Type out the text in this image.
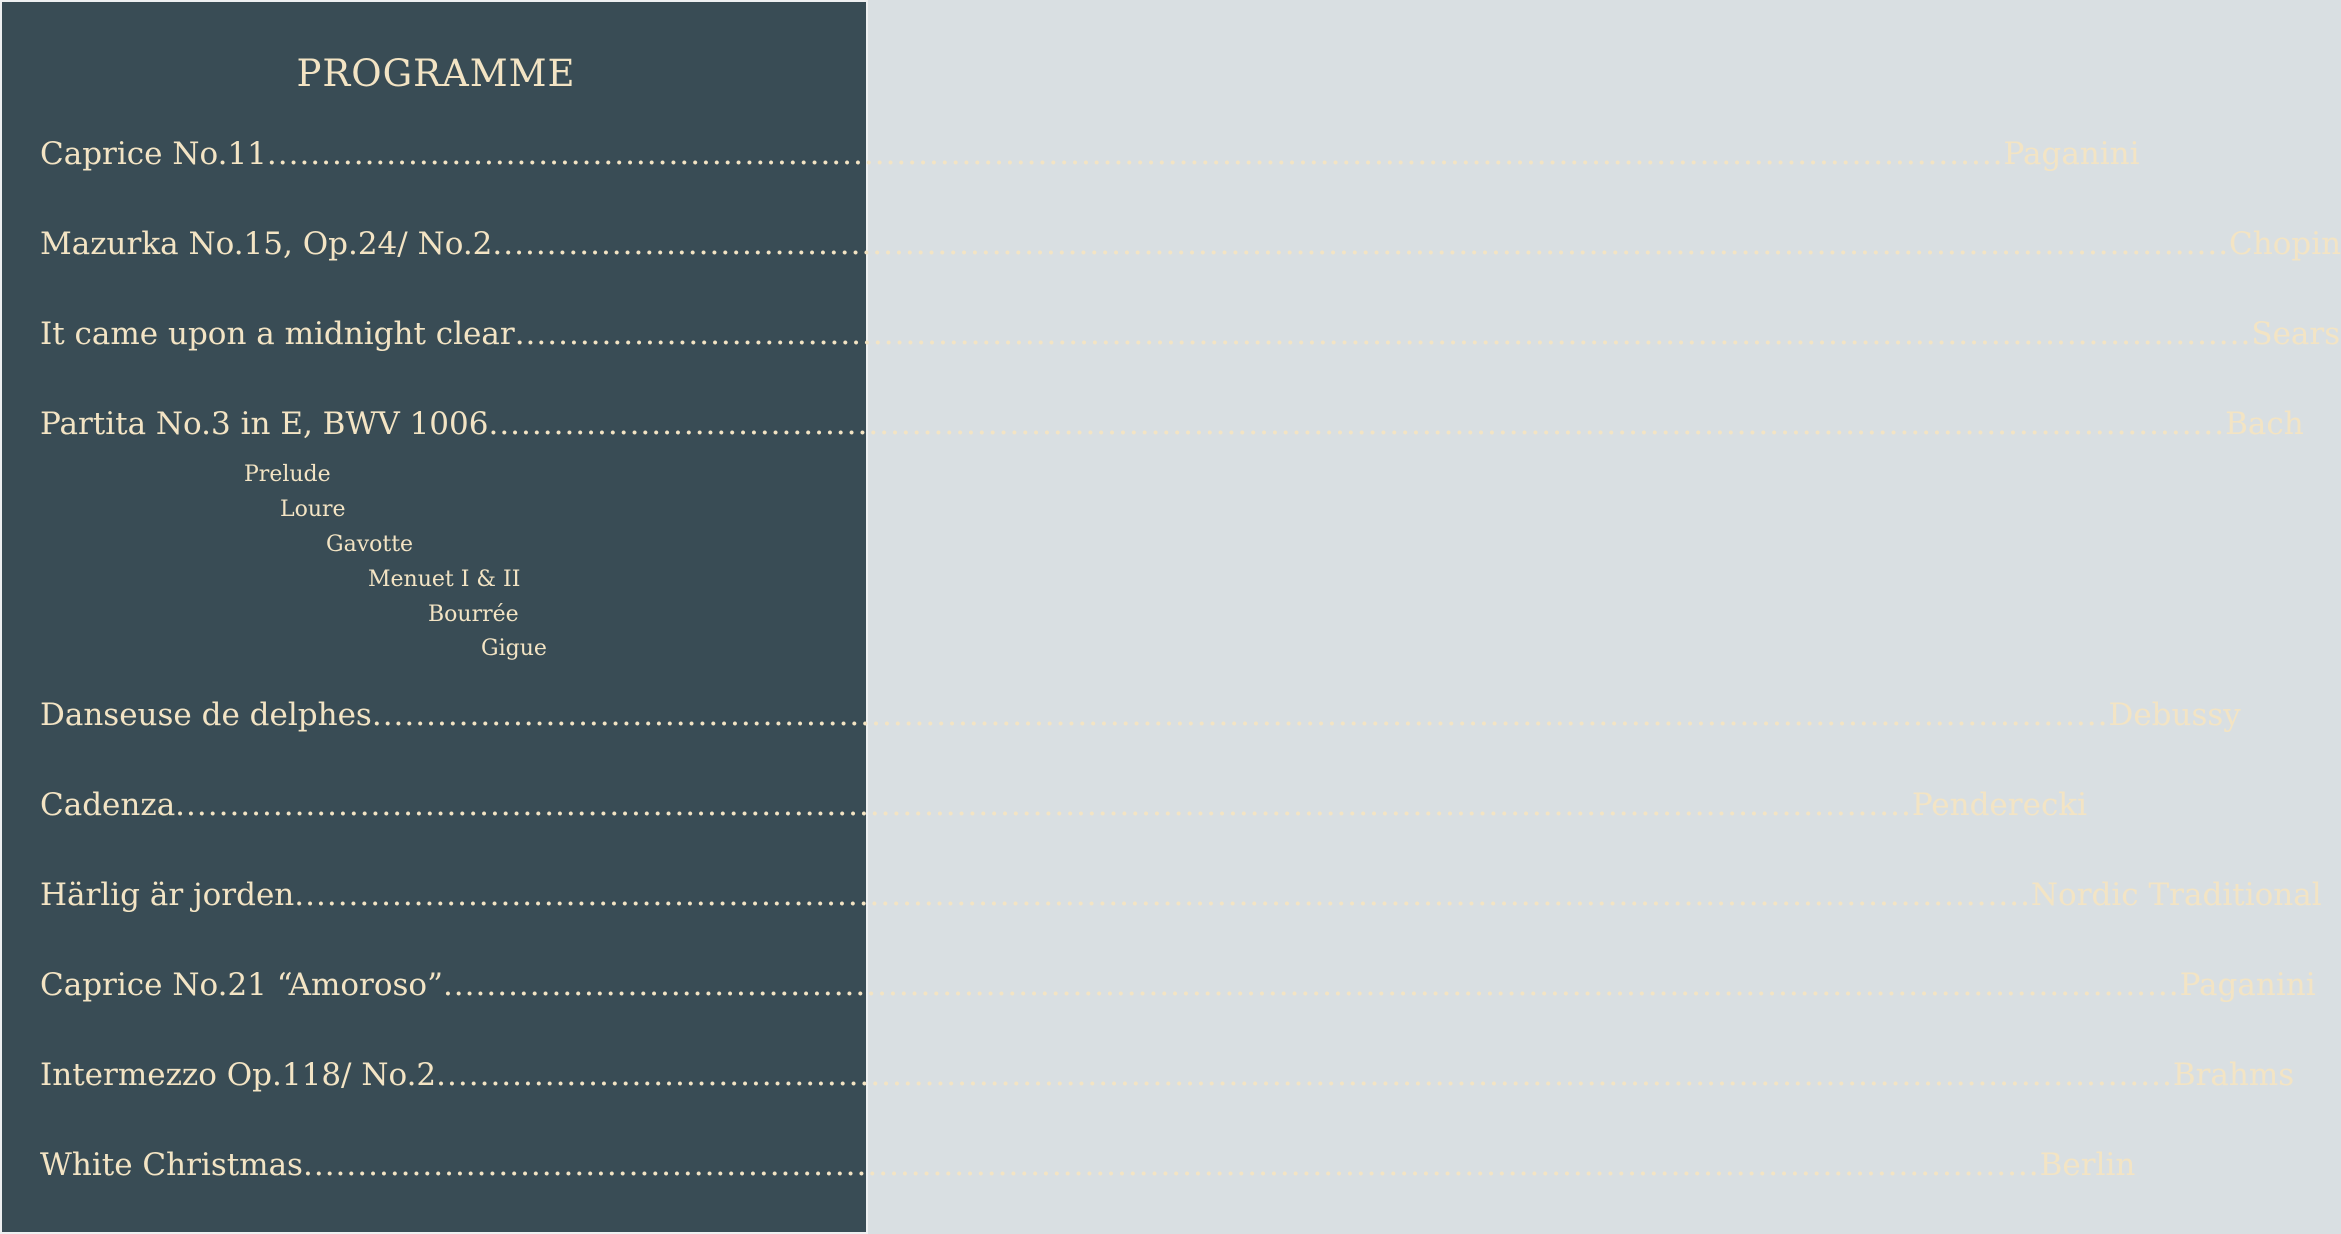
PROGRAMME
Caprice No.11 ................................................................................................................................................................ Paganini
Mazurka No.15, Op.24/ No.2 ................................................................................................................................................................ Chopin
It came upon a midnight clear ................................................................................................................................................................ Sears
Partita No.3 in E, BWV 1006 ................................................................................................................................................................ Bach
Prelude
Loure
Gavotte
Menuet I & II
Bourrée
Gigue
Danseuse de delphes ................................................................................................................................................................ Debussy
Cadenza ................................................................................................................................................................ Penderecki
Härlig är jorden ................................................................................................................................................................ Nordic Traditional
Caprice No.21 “Amoroso” ................................................................................................................................................................ Paganini
Intermezzo Op.118/ No.2 ................................................................................................................................................................ Brahms
White Christmas ................................................................................................................................................................ Berlin
